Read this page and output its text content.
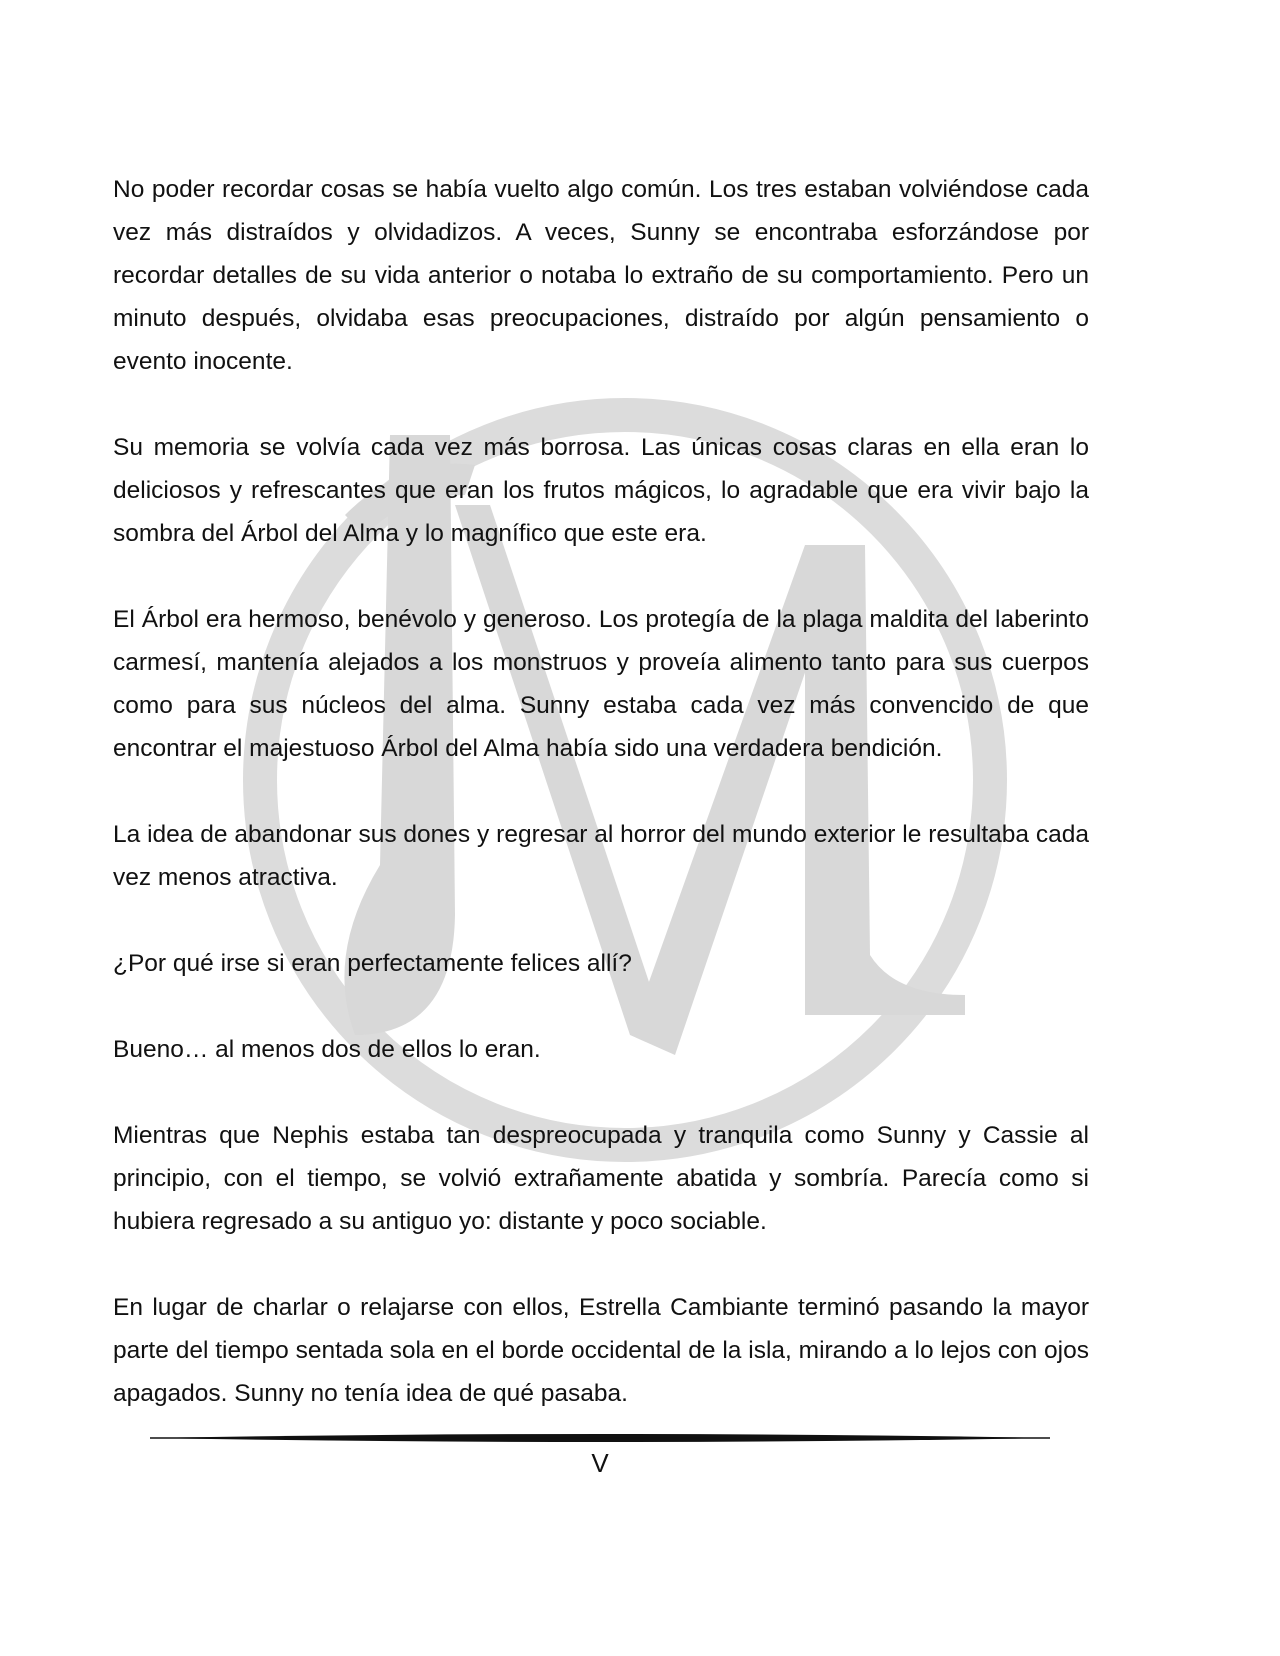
No poder recordar cosas se había vuelto algo común. Los tres estaban volviéndose cada vez más distraídos y olvidadizos. A veces, Sunny se encontraba esforzándose por recordar detalles de su vida anterior o notaba lo extraño de su comportamiento. Pero un minuto después, olvidaba esas preocupaciones, distraído por algún pensamiento o evento inocente.

Su memoria se volvía cada vez más borrosa. Las únicas cosas claras en ella eran lo deliciosos y refrescantes que eran los frutos mágicos, lo agradable que era vivir bajo la sombra del Árbol del Alma y lo magnífico que este era.

El Árbol era hermoso, benévolo y generoso. Los protegía de la plaga maldita del laberinto carmesí, mantenía alejados a los monstruos y proveía alimento tanto para sus cuerpos como para sus núcleos del alma. Sunny estaba cada vez más convencido de que encontrar el majestuoso Árbol del Alma había sido una verdadera bendición.

La idea de abandonar sus dones y regresar al horror del mundo exterior le resultaba cada vez menos atractiva.

¿Por qué irse si eran perfectamente felices allí?

Bueno… al menos dos de ellos lo eran.

Mientras que Nephis estaba tan despreocupada y tranquila como Sunny y Cassie al principio, con el tiempo, se volvió extrañamente abatida y sombría. Parecía como si hubiera regresado a su antiguo yo: distante y poco sociable.

En lugar de charlar o relajarse con ellos, Estrella Cambiante terminó pasando la mayor parte del tiempo sentada sola en el borde occidental de la isla, mirando a lo lejos con ojos apagados. Sunny no tenía idea de qué pasaba.

V
